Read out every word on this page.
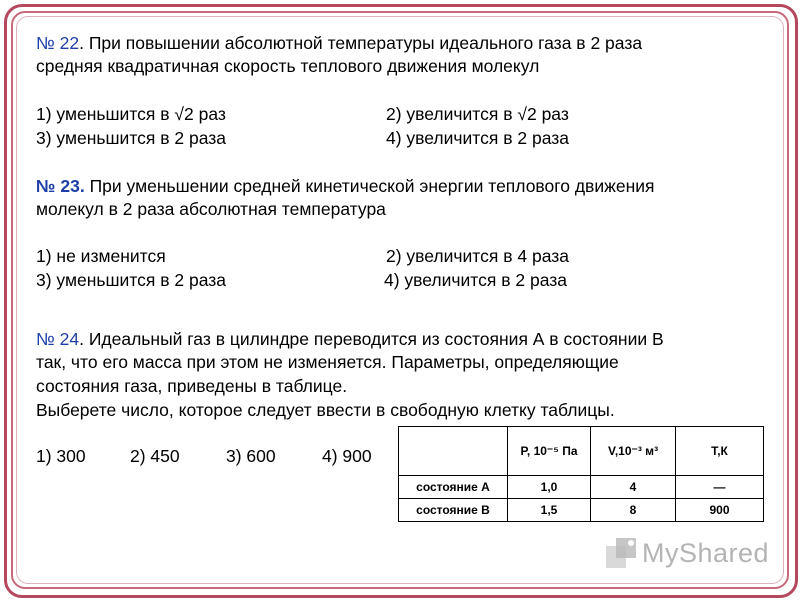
№ 22. При повышении абсолютной температуры идеального газа в 2 раза
средняя квадратичная скорость теплового движения молекул
1) уменьшится в √2 раз	2) увеличится в √2 раз
3) уменьшится в 2 раза	4) увеличится в 2 раза
№ 23. При уменьшении средней кинетической энергии теплового движения
молекул в 2 раза абсолютная температура
1) не изменится	2) увеличится в 4 раза
3) уменьшится в 2 раза	4) увеличится в 2 раза
№ 24. Идеальный газ в цилиндре переводится из состояния А в состоянии В
так, что его масса при этом не изменяется. Параметры, определяющие
состояния газа, приведены в таблице.
Выберете число, которое следует ввести в свободную клетку таблицы.
1) 300	2) 450	3) 600	4) 900
		P, 10⁻⁵ Па	V,10⁻³ м³	Т,К
состояние А	1,0	4	—
состояние В	1,5	8	900
MyShared
